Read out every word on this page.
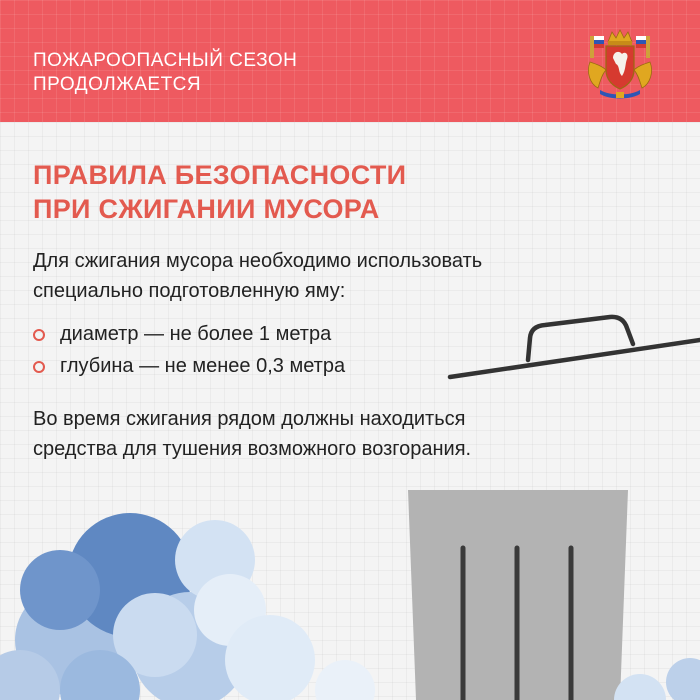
ПОЖАРООПАСНЫЙ СЕЗОН
ПРОДОЛЖАЕТСЯ
ПРАВИЛА БЕЗОПАСНОСТИ
ПРИ СЖИГАНИИ МУСОРА
Для сжигания мусора необходимо использовать
специально подготовленную яму:
диаметр — не более 1 метра
глубина — не менее 0,3 метра
Во время сжигания рядом должны находиться
средства для тушения возможного возгорания.
